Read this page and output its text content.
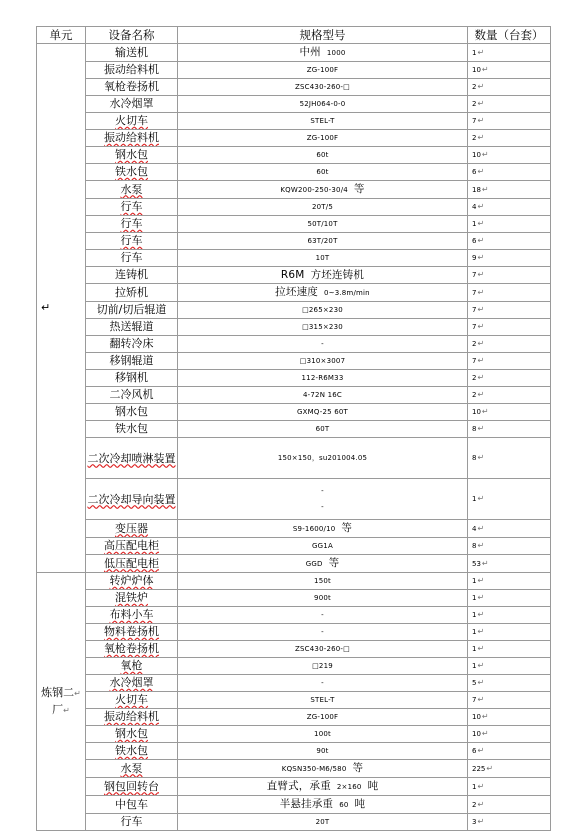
单元	设备名称	规格型号	数量（台套）
↵	输送机	中州 1000	1↵
	振动给料机	ZG-100F	10↵
	氧枪卷扬机	ZSC430-260-□	2↵
	水冷烟罩	52JH064-0-0	2↵
	火切车	STEL-T	7↵
	振动给料机	ZG-100F	2↵
	钢水包	60t	10↵
	铁水包	60t	6↵
	水泵	KQW200-250-30/4 等	18↵
	行车	20T/5	4↵
	行车	50T/10T	1↵
	行车	63T/20T	6↵
	行车	10T	9↵
	连铸机	R6M 方坯连铸机	7↵
	拉矫机	拉坯速度 0~3.8m/min	7↵
	切前/切后辊道	□265×230	7↵
	热送辊道	□315×230	7↵
	翻转冷床	-	2↵
	移钢辊道	□310×3007	7↵
	移钢机	112-R6M33	2↵
	二冷风机	4-72N 16C	2↵
	钢水包	GXMQ-25 60T	10↵
	铁水包	60T	8↵

	二次冷却喷淋装置	150×150，su201004.05	8↵

	二次冷却导向装置	-
-	1↵
	变压器	S9-1600/10 等	4↵
	高压配电柜	GG1A	8↵
	低压配电柜	GGD 等	53↵
炼钢二↵
厂↵	转炉炉体	150t	1↵
	混铁炉	900t	1↵
	布料小车	-	1↵
	物料卷扬机	-	1↵
	氧枪卷扬机	ZSC430-260-□	1↵
	氧枪	□219	1↵
	水冷烟罩	-	5↵
	火切车	STEL-T	7↵
	振动给料机	ZG-100F	10↵
	钢水包	100t	10↵
	铁水包	90t	6↵
	水泵	KQSN350-M6/580 等	225↵
	钢包回转台	直臂式，承重 2×160 吨	1↵
	中包车	半悬挂承重 60 吨	2↵
	行车	20T	3↵
